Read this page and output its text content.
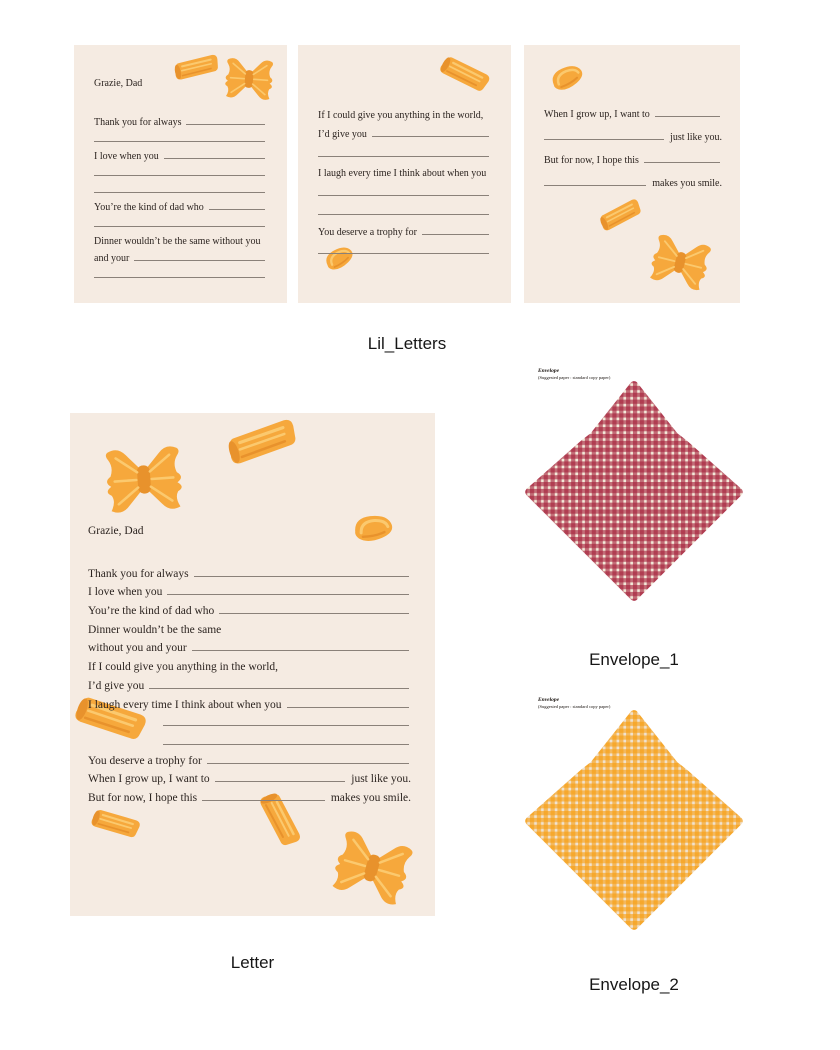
Grazie, Dad
Thank you for always
I love when you
You’re the kind of dad who
Dinner wouldn’t be the same without you
and your
If I could give you anything in the world,
I’d give you
I laugh every time I think about when you
You deserve a trophy for
When I grow up, I want to
just like you.
But for now, I hope this
makes you smile.
Lil_Letters
Grazie, Dad
Thank you for always
I love when you
You’re the kind of dad who
Dinner wouldn’t be the same
without you and your
If I could give you anything in the world,
I’d give you
I laugh every time I think about when you
You deserve a trophy for
When I grow up, I want to	just like you.
But for now, I hope this	makes you smile.
Letter
Envelope
(Suggested paper : standard copy paper)
Envelope_1
Envelope
(Suggested paper : standard copy paper)
Envelope_2
